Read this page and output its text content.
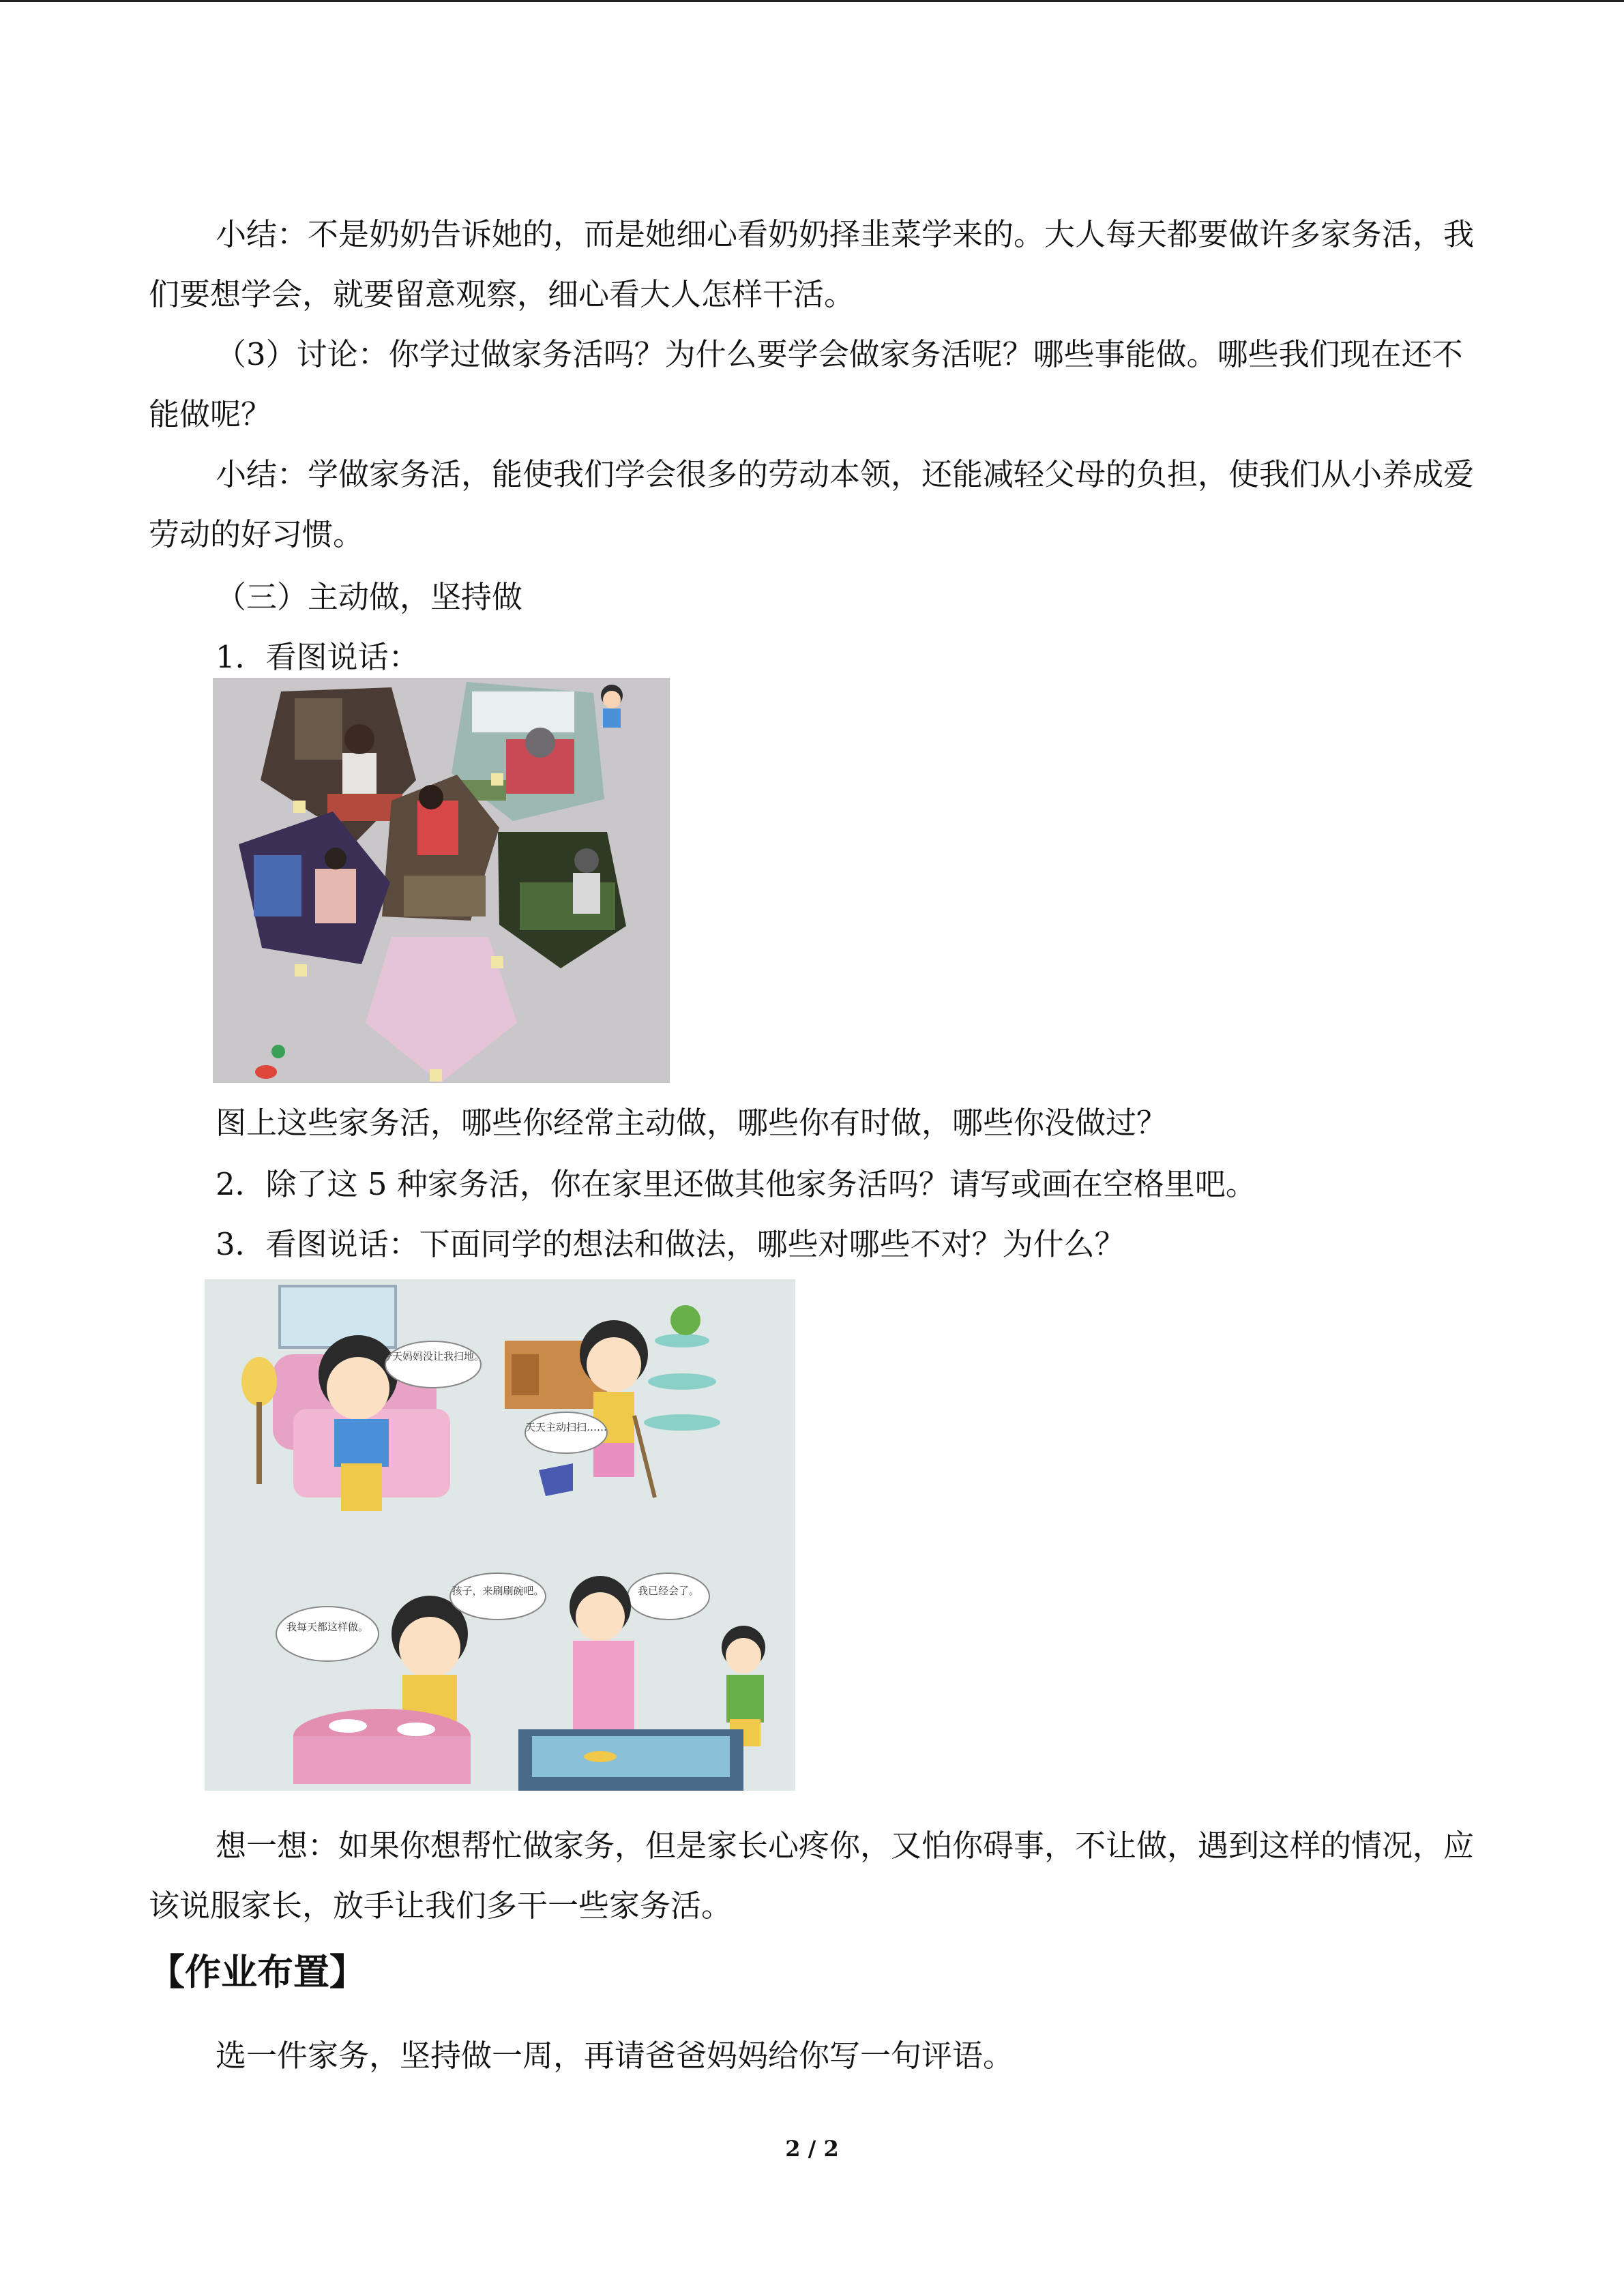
小结：不是奶奶告诉她的，而是她细心看奶奶择韭菜学来的。大人每天都要做许多家务活，我们要想学会，就要留意观察，细心看大人怎样干活。

（3）讨论：你学过做家务活吗？为什么要学会做家务活呢？哪些事能做。哪些我们现在还不能做呢？

小结：学做家务活，能使我们学会很多的劳动本领，还能减轻父母的负担，使我们从小养成爱劳动的好习惯。

（三）主动做，坚持做
1．看图说话：
图上这些家务活，哪些你经常主动做，哪些你有时做，哪些你没做过？
2．除了这 5 种家务活，你在家里还做其他家务活吗？请写或画在空格里吧。
3．看图说话：下面同学的想法和做法，哪些对哪些不对？为什么？
今天妈妈没让我扫地。
天天主动扫扫……
我每天都这样做。
孩子，来刷刷碗吧。	我已经会了。

想一想：如果你想帮忙做家务，但是家长心疼你，又怕你碍事，不让做，遇到这样的情况，应该说服家长，放手让我们多干一些家务活。

【作业布置】
选一件家务，坚持做一周，再请爸爸妈妈给你写一句评语。
2 / 2
